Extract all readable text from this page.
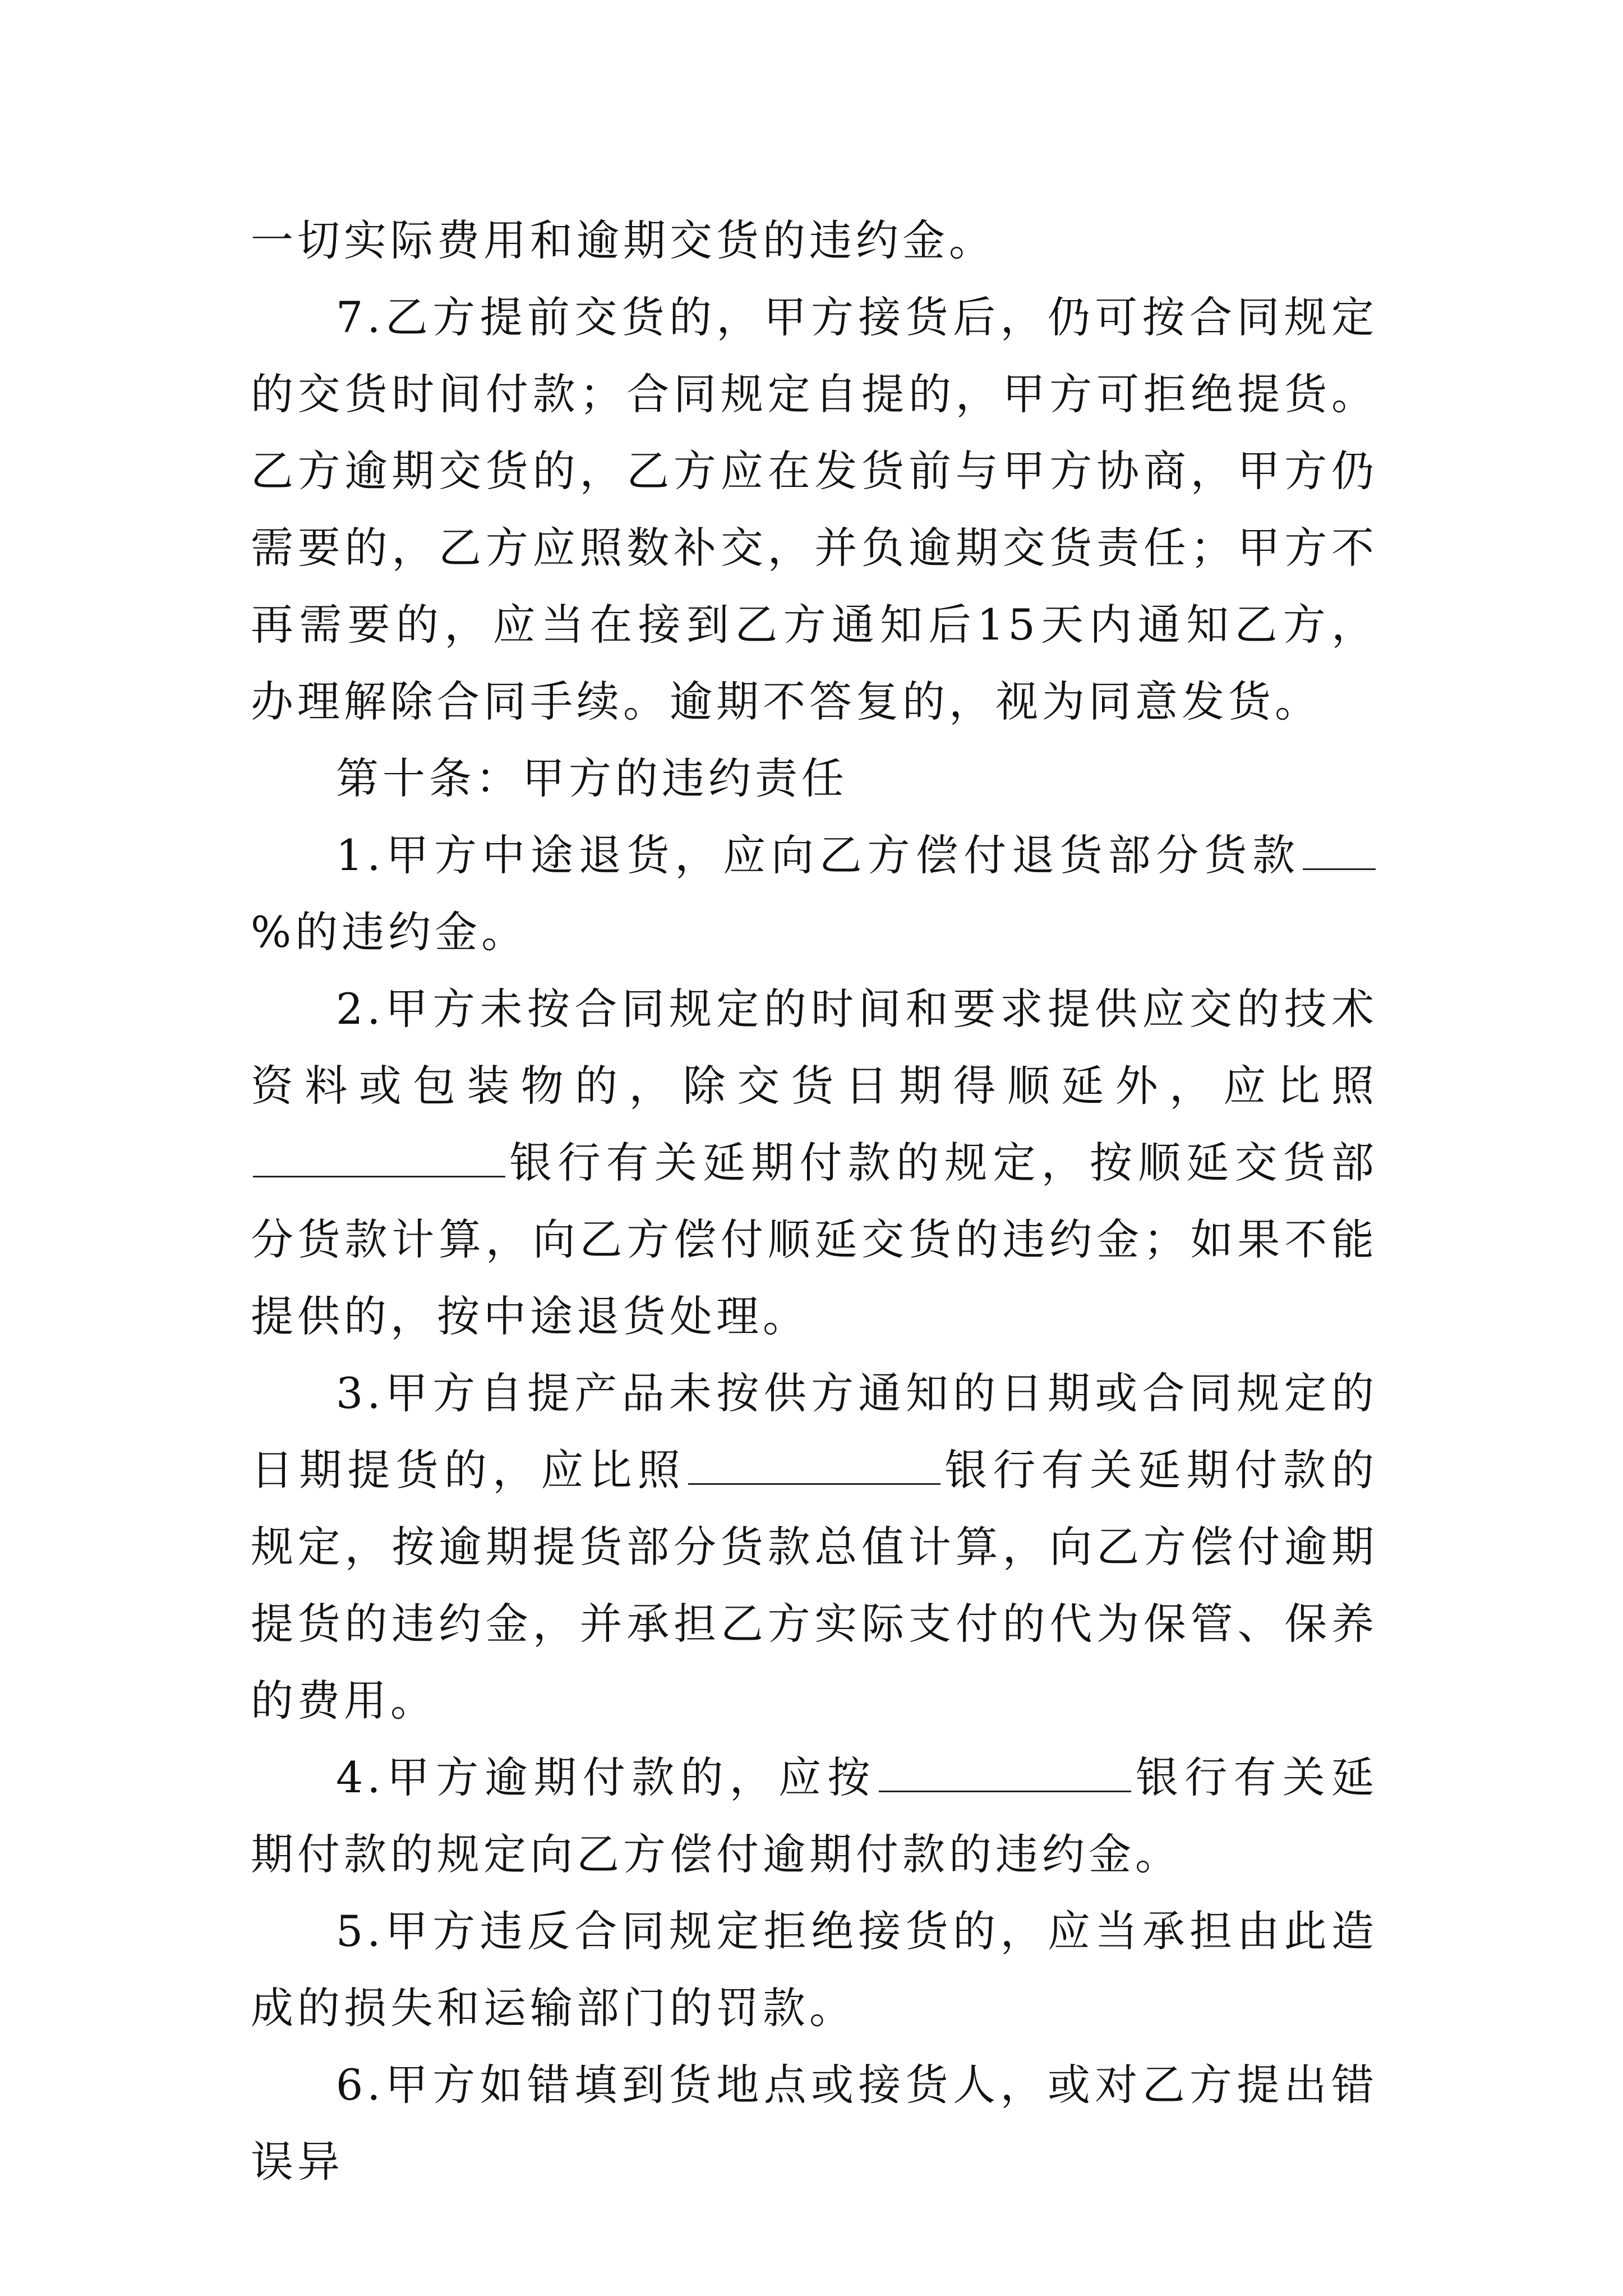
一切实际费用和逾期交货的违约金。

7.乙方提前交货的，甲方接货后，仍可按合同规定的交货时间付款；合同规定自提的，甲方可拒绝提货。乙方逾期交货的，乙方应在发货前与甲方协商，甲方仍需要的，乙方应照数补交，并负逾期交货责任；甲方不再需要的，应当在接到乙方通知后15天内通知乙方，办理解除合同手续。逾期不答复的，视为同意发货。

第十条：甲方的违约责任

1.甲方中途退货，应向乙方偿付退货部分货款%的违约金。

2.甲方未按合同规定的时间和要求提供应交的技术资料或包装物的，除交货日期得顺延外，应比照银行有关延期付款的规定，按顺延交货部分货款计算，向乙方偿付顺延交货的违约金；如果不能提供的，按中途退货处理。

3.甲方自提产品未按供方通知的日期或合同规定的日期提货的，应比照	银行有关延期付款的规定，按逾期提货部分货款总值计算，向乙方偿付逾期提货的违约金，并承担乙方实际支付的代为保管、保养的费用。

4.甲方逾期付款的，应按	银行有关延期付款的规定向乙方偿付逾期付款的违约金。

5.甲方违反合同规定拒绝接货的，应当承担由此造成的损失和运输部门的罚款。

6.甲方如错填到货地点或接货人，或对乙方提出错误异
